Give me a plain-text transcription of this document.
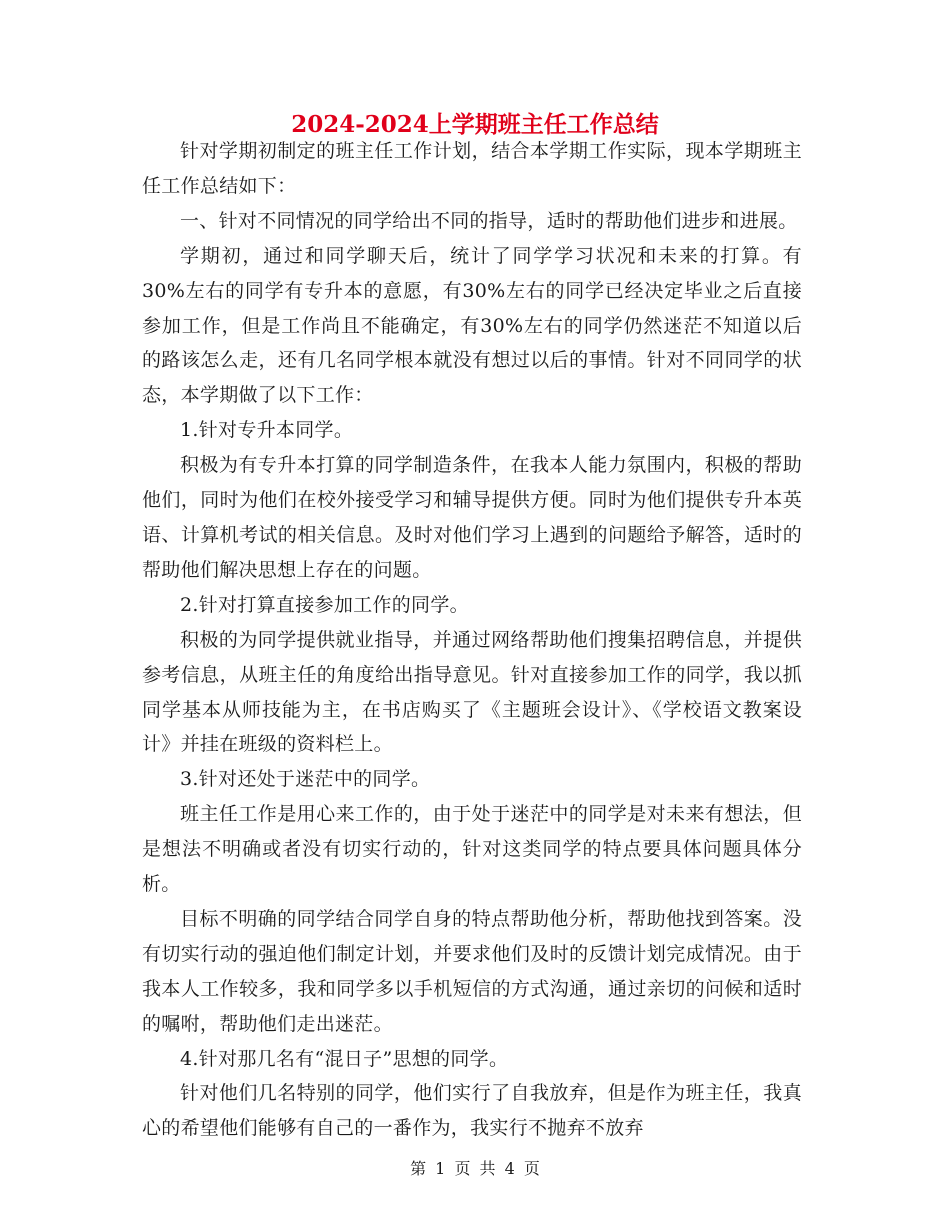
2024-2024上学期班主任工作总结

针对学期初制定的班主任工作计划，结合本学期工作实际，现本学期班主任工作总结如下：

一、针对不同情况的同学给出不同的指导，适时的帮助他们进步和进展。

学期初，通过和同学聊天后，统计了同学学习状况和未来的打算。有30%左右的同学有专升本的意愿，有30%左右的同学已经决定毕业之后直接参加工作，但是工作尚且不能确定，有30%左右的同学仍然迷茫不知道以后的路该怎么走，还有几名同学根本就没有想过以后的事情。针对不同同学的状态，本学期做了以下工作：

1.针对专升本同学。

积极为有专升本打算的同学制造条件，在我本人能力氛围内，积极的帮助他们，同时为他们在校外接受学习和辅导提供方便。同时为他们提供专升本英语、计算机考试的相关信息。及时对他们学习上遇到的问题给予解答，适时的帮助他们解决思想上存在的问题。

2.针对打算直接参加工作的同学。

积极的为同学提供就业指导，并通过网络帮助他们搜集招聘信息，并提供参考信息，从班主任的角度给出指导意见。针对直接参加工作的同学，我以抓同学基本从师技能为主，在书店购买了《主题班会设计》、《学校语文教案设计》并挂在班级的资料栏上。

3.针对还处于迷茫中的同学。

班主任工作是用心来工作的，由于处于迷茫中的同学是对未来有想法，但是想法不明确或者没有切实行动的，针对这类同学的特点要具体问题具体分析。

目标不明确的同学结合同学自身的特点帮助他分析，帮助他找到答案。没有切实行动的强迫他们制定计划，并要求他们及时的反馈计划完成情况。由于我本人工作较多，我和同学多以手机短信的方式沟通，通过亲切的问候和适时的嘱咐，帮助他们走出迷茫。

4.针对那几名有“混日子”思想的同学。

针对他们几名特别的同学，他们实行了自我放弃，但是作为班主任，我真心的希望他们能够有自己的一番作为，我实行不抛弃不放弃

第 1 页 共 4 页
